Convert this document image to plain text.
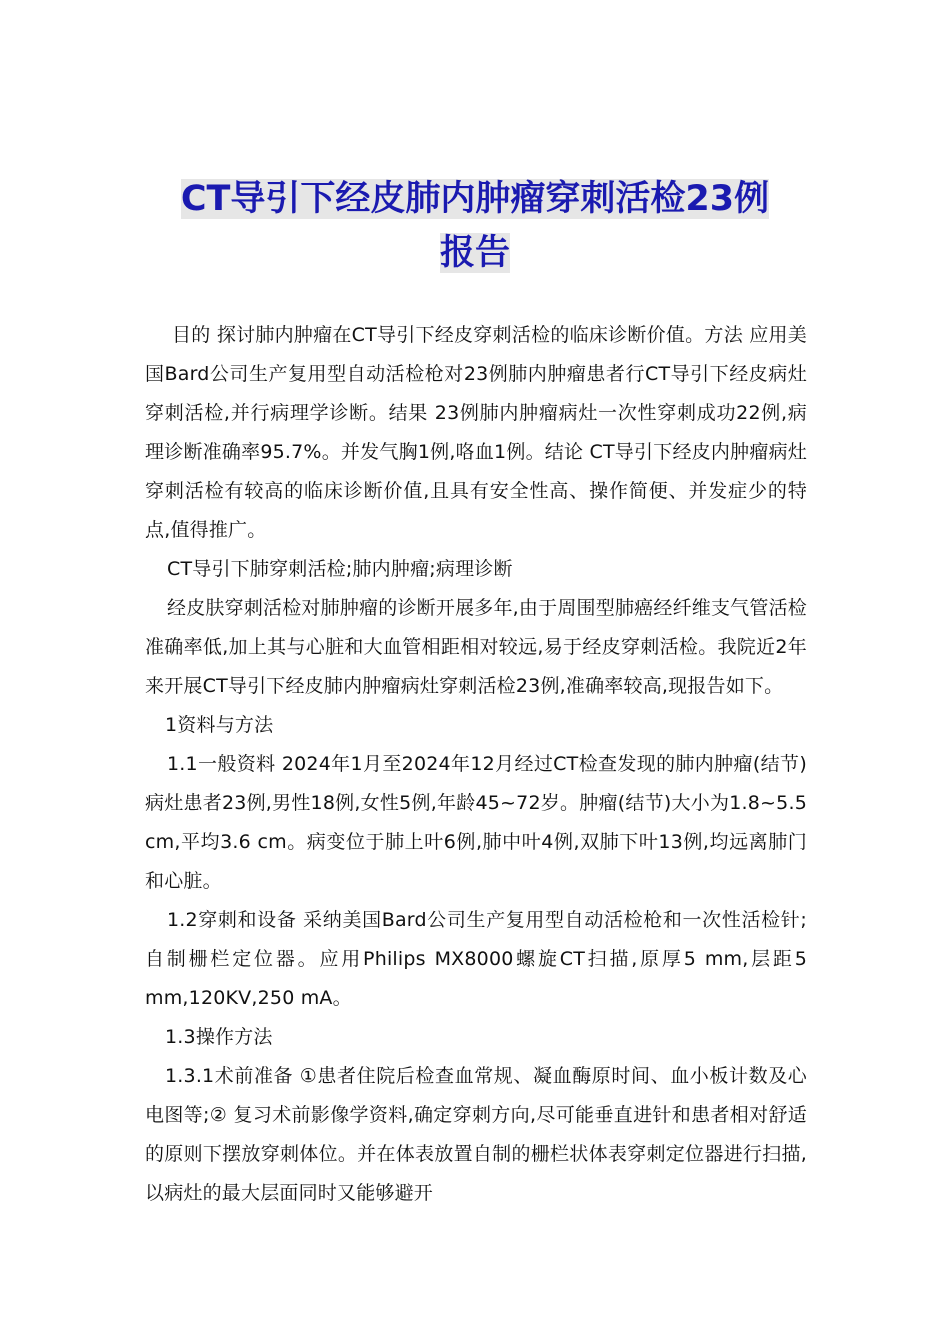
CT导引下经皮肺内肿瘤穿刺活检23例
报告

目的 探讨肺内肿瘤在CT导引下经皮穿刺活检的临床诊断价值。方法 应用美国Bard公司生产复用型自动活检枪对23例肺内肿瘤患者行CT导引下经皮病灶穿刺活检,并行病理学诊断。结果 23例肺内肿瘤病灶一次性穿刺成功22例,病理诊断准确率95.7%。并发气胸1例,咯血1例。结论 CT导引下经皮内肿瘤病灶穿刺活检有较高的临床诊断价值,且具有安全性高、操作简便、并发症少的特点,值得推广。

CT导引下肺穿刺活检;肺内肿瘤;病理诊断

经皮肤穿刺活检对肺肿瘤的诊断开展多年,由于周围型肺癌经纤维支气管活检准确率低,加上其与心脏和大血管相距相对较远,易于经皮穿刺活检。我院近2年来开展CT导引下经皮肺内肿瘤病灶穿刺活检23例,准确率较高,现报告如下。

1资料与方法

1.1一般资料 2024年1月至2024年12月经过CT检查发现的肺内肿瘤(结节)病灶患者23例,男性18例,女性5例,年龄45~72岁。肿瘤(结节)大小为1.8~5.5 cm,平均3.6 cm。病变位于肺上叶6例,肺中叶4例,双肺下叶13例,均远离肺门和心脏。

1.2穿刺和设备 采纳美国Bard公司生产复用型自动活检枪和一次性活检针;自制栅栏定位器。应用Philips MX8000螺旋CT扫描,原厚5 mm,层距5 mm,120KV,250 mA。

1.3操作方法

1.3.1术前准备 ①患者住院后检查血常规、凝血酶原时间、血小板计数及心电图等;② 复习术前影像学资料,确定穿刺方向,尽可能垂直进针和患者相对舒适的原则下摆放穿刺体位。并在体表放置自制的栅栏状体表穿刺定位器进行扫描,以病灶的最大层面同时又能够避开
